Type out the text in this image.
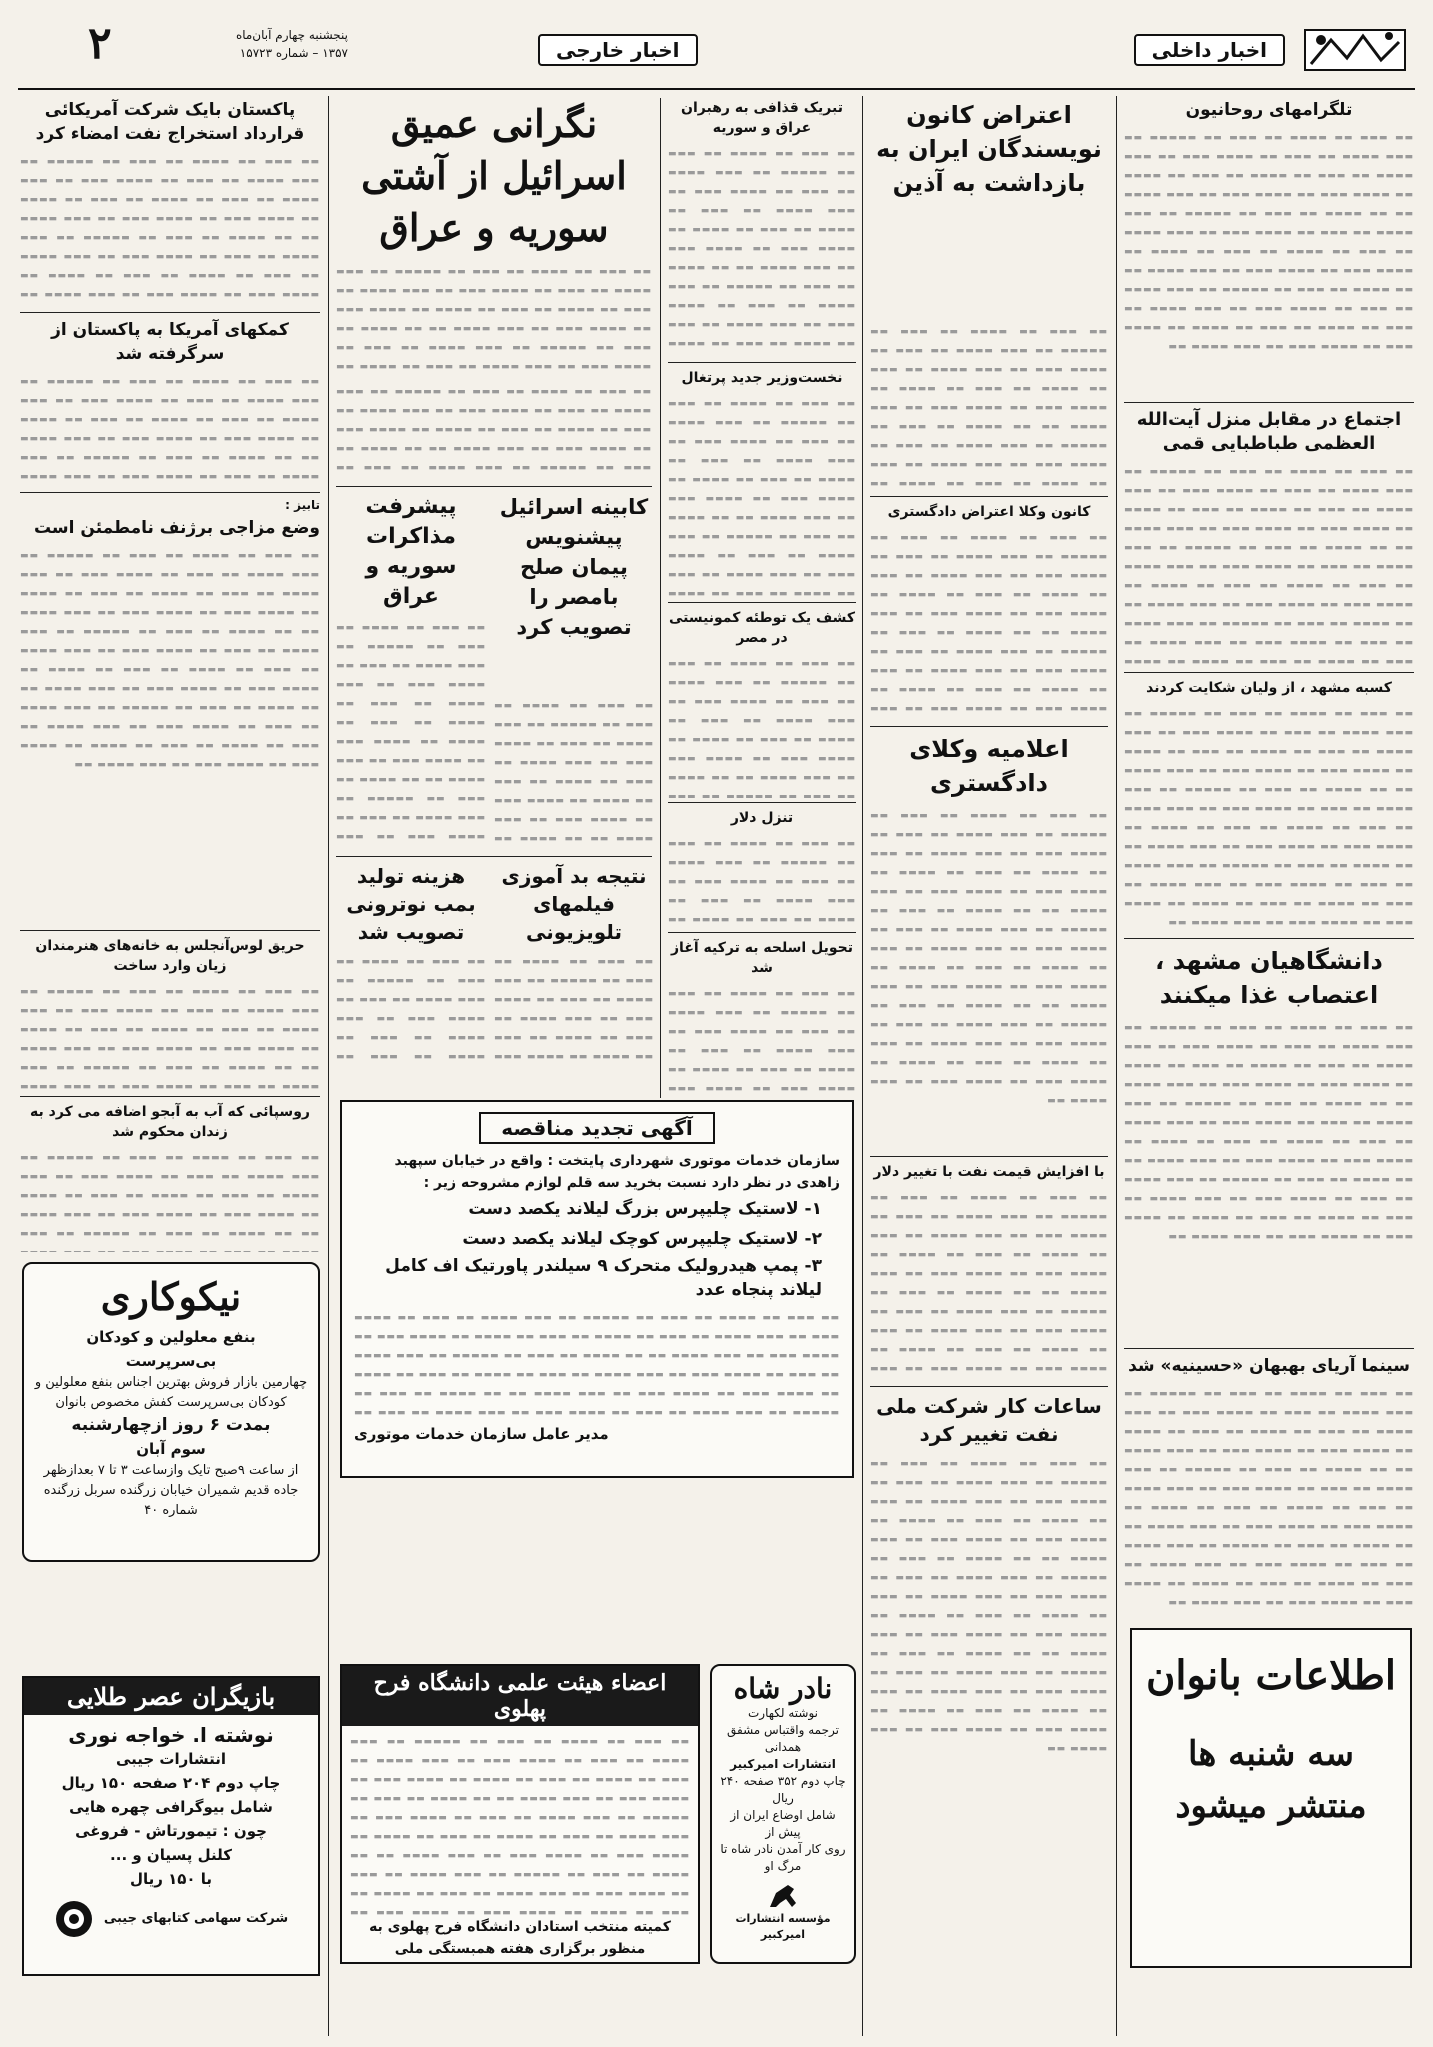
۲	پنجشنبه چهارم آبان‌ماه
۱۳۵۷ – شماره ۱۵۷۲۳	اخبار خارجی	اخبار داخلی
پاکستان بایک شرکت آمریکائی قرارداد استخراج نفت امضاء کرد
▬▬ ▬▬▬ ▬▬ ▬▬▬▬ ▬▬ ▬▬▬ ▬▬ ▬▬▬▬▬ ▬▬ ▬▬▬ ▬▬▬▬ ▬▬ ▬▬▬ ▬▬ ▬▬▬▬ ▬▬▬ ▬▬ ▬▬▬ ▬▬▬▬ ▬▬ ▬▬▬ ▬▬ ▬▬▬▬ ▬▬ ▬▬▬ ▬▬ ▬▬▬▬ ▬▬ ▬▬▬▬ ▬▬▬ ▬▬ ▬▬▬▬ ▬▬▬ ▬▬ ▬▬▬ ▬▬▬▬ ▬▬ ▬▬ ▬▬▬▬ ▬▬ ▬▬▬ ▬▬ ▬▬▬▬▬ ▬▬ ▬▬▬ ▬▬▬▬ ▬▬ ▬▬▬ ▬▬ ▬▬▬▬ ▬▬▬ ▬▬ ▬▬▬ ▬▬▬▬ ▬▬ ▬▬▬ ▬▬ ▬▬▬▬ ▬▬ ▬▬▬ ▬▬ ▬▬▬▬ ▬▬ ▬▬▬▬ ▬▬▬ ▬▬ ▬▬▬▬ ▬▬▬ ▬▬ ▬▬▬ ▬▬▬▬ ▬▬ ▬▬ ▬▬▬▬ ▬▬ ▬▬▬ ▬▬ ▬▬▬▬▬ ▬▬ ▬▬▬ ▬▬▬▬ ▬▬ ▬▬▬ ▬▬ ▬▬▬▬ ▬▬▬ ▬▬ ▬▬▬ ▬▬▬▬ ▬▬ ▬▬▬ ▬▬ ▬▬▬▬ ▬▬ ▬▬▬ ▬▬ ▬▬▬▬ ▬▬ ▬▬▬▬ ▬▬▬ ▬▬ ▬▬▬▬ ▬▬▬ ▬▬ ▬▬▬ ▬▬▬▬ ▬▬
کمکهای آمریکا به پاکستان از سرگرفته شد
▬▬ ▬▬▬ ▬▬ ▬▬▬▬ ▬▬ ▬▬▬ ▬▬ ▬▬▬▬▬ ▬▬ ▬▬▬ ▬▬▬▬ ▬▬ ▬▬▬ ▬▬ ▬▬▬▬ ▬▬▬ ▬▬ ▬▬▬ ▬▬▬▬ ▬▬ ▬▬▬ ▬▬ ▬▬▬▬ ▬▬ ▬▬▬ ▬▬ ▬▬▬▬ ▬▬ ▬▬▬▬ ▬▬▬ ▬▬ ▬▬▬▬ ▬▬▬ ▬▬ ▬▬▬ ▬▬▬▬ ▬▬ ▬▬ ▬▬▬▬ ▬▬ ▬▬▬ ▬▬ ▬▬▬▬▬ ▬▬ ▬▬▬ ▬▬▬▬ ▬▬ ▬▬▬ ▬▬ ▬▬▬▬ ▬▬▬ ▬▬ ▬▬▬ ▬▬▬▬ ▬▬ ▬▬▬ ▬▬ ▬▬▬▬ ▬▬ ▬▬▬ ▬▬ ▬▬▬▬ ▬▬ ▬▬▬▬ ▬▬▬ ▬▬ ▬▬▬▬ ▬▬▬ ▬▬ ▬▬▬ ▬▬▬▬ ▬▬ ▬▬ ▬▬▬▬ ▬▬ ▬▬▬ ▬▬ ▬▬▬▬▬ ▬▬ ▬▬▬ ▬▬▬▬ ▬▬ ▬▬▬ ▬▬ ▬▬▬▬ ▬▬▬ ▬▬ ▬▬▬ ▬▬▬▬ ▬▬ ▬▬▬ ▬▬ ▬▬▬▬ ▬▬ ▬▬▬ ▬▬ ▬▬▬▬ ▬▬ ▬▬▬▬ ▬▬▬ ▬▬ ▬▬▬▬ ▬▬▬ ▬▬ ▬▬▬ ▬▬▬▬ ▬▬
تابیز :
وضع مزاجی برژنف نامطمئن است
▬▬ ▬▬▬ ▬▬ ▬▬▬▬ ▬▬ ▬▬▬ ▬▬ ▬▬▬▬▬ ▬▬ ▬▬▬ ▬▬▬▬ ▬▬ ▬▬▬ ▬▬ ▬▬▬▬ ▬▬▬ ▬▬ ▬▬▬ ▬▬▬▬ ▬▬ ▬▬▬ ▬▬ ▬▬▬▬ ▬▬ ▬▬▬ ▬▬ ▬▬▬▬ ▬▬ ▬▬▬▬ ▬▬▬ ▬▬ ▬▬▬▬ ▬▬▬ ▬▬ ▬▬▬ ▬▬▬▬ ▬▬ ▬▬ ▬▬▬▬ ▬▬ ▬▬▬ ▬▬ ▬▬▬▬▬ ▬▬ ▬▬▬ ▬▬▬▬ ▬▬ ▬▬▬ ▬▬ ▬▬▬▬ ▬▬▬ ▬▬ ▬▬▬ ▬▬▬▬ ▬▬ ▬▬▬ ▬▬ ▬▬▬▬ ▬▬ ▬▬▬ ▬▬ ▬▬▬▬ ▬▬ ▬▬▬▬ ▬▬▬ ▬▬ ▬▬▬▬ ▬▬▬ ▬▬ ▬▬▬ ▬▬▬▬ ▬▬ ▬▬ ▬▬▬▬ ▬▬ ▬▬▬ ▬▬ ▬▬▬▬▬ ▬▬ ▬▬▬ ▬▬▬▬ ▬▬ ▬▬▬ ▬▬ ▬▬▬▬ ▬▬▬ ▬▬ ▬▬▬ ▬▬▬▬ ▬▬ ▬▬▬ ▬▬ ▬▬▬▬ ▬▬ ▬▬▬ ▬▬ ▬▬▬▬ ▬▬ ▬▬▬▬ ▬▬▬ ▬▬ ▬▬▬▬ ▬▬▬ ▬▬ ▬▬▬ ▬▬▬▬ ▬▬
حریق لوس‌آنجلس به خانه‌های هنرمندان زیان وارد ساخت
▬▬ ▬▬▬ ▬▬ ▬▬▬▬ ▬▬ ▬▬▬ ▬▬ ▬▬▬▬▬ ▬▬ ▬▬▬ ▬▬▬▬ ▬▬ ▬▬▬ ▬▬ ▬▬▬▬ ▬▬▬ ▬▬ ▬▬▬ ▬▬▬▬ ▬▬ ▬▬▬ ▬▬ ▬▬▬▬ ▬▬ ▬▬▬ ▬▬ ▬▬▬▬ ▬▬ ▬▬▬▬ ▬▬▬ ▬▬ ▬▬▬▬ ▬▬▬ ▬▬ ▬▬▬ ▬▬▬▬ ▬▬ ▬▬ ▬▬▬▬ ▬▬ ▬▬▬ ▬▬ ▬▬▬▬▬ ▬▬ ▬▬▬ ▬▬▬▬ ▬▬ ▬▬▬ ▬▬ ▬▬▬▬ ▬▬▬ ▬▬ ▬▬▬ ▬▬▬▬ ▬▬ ▬▬▬ ▬▬ ▬▬▬▬ ▬▬ ▬▬▬ ▬▬ ▬▬▬▬ ▬▬ ▬▬▬▬ ▬▬▬ ▬▬ ▬▬▬▬ ▬▬▬ ▬▬ ▬▬▬ ▬▬▬▬ ▬▬ ▬▬ ▬▬▬▬ ▬▬ ▬▬▬ ▬▬ ▬▬▬▬▬ ▬▬ ▬▬▬ ▬▬▬▬ ▬▬ ▬▬▬ ▬▬ ▬▬▬▬ ▬▬▬ ▬▬ ▬▬▬ ▬▬▬▬ ▬▬ ▬▬▬ ▬▬ ▬▬▬▬ ▬▬ ▬▬▬ ▬▬ ▬▬▬▬ ▬▬ ▬▬▬▬ ▬▬▬ ▬▬ ▬▬▬▬ ▬▬▬ ▬▬ ▬▬▬ ▬▬▬▬ ▬▬
روسپائی که آب به آبجو اضافه می کرد به زندان محکوم شد
▬▬ ▬▬▬ ▬▬ ▬▬▬▬ ▬▬ ▬▬▬ ▬▬ ▬▬▬▬▬ ▬▬ ▬▬▬ ▬▬▬▬ ▬▬ ▬▬▬ ▬▬ ▬▬▬▬ ▬▬▬ ▬▬ ▬▬▬ ▬▬▬▬ ▬▬ ▬▬▬ ▬▬ ▬▬▬▬ ▬▬ ▬▬▬ ▬▬ ▬▬▬▬ ▬▬ ▬▬▬▬ ▬▬▬ ▬▬ ▬▬▬▬ ▬▬▬ ▬▬ ▬▬▬ ▬▬▬▬ ▬▬ ▬▬ ▬▬▬▬ ▬▬ ▬▬▬ ▬▬ ▬▬▬▬▬ ▬▬ ▬▬▬ ▬▬▬▬ ▬▬ ▬▬▬ ▬▬ ▬▬▬▬ ▬▬▬ ▬▬ ▬▬▬ ▬▬▬▬ ▬▬ ▬▬▬ ▬▬ ▬▬▬▬ ▬▬ ▬▬▬ ▬▬ ▬▬▬▬ ▬▬ ▬▬▬▬ ▬▬▬ ▬▬ ▬▬▬▬ ▬▬▬ ▬▬ ▬▬▬ ▬▬▬▬ ▬▬ ▬▬ ▬▬▬▬ ▬▬ ▬▬▬ ▬▬ ▬▬▬▬▬ ▬▬ ▬▬▬ ▬▬▬▬ ▬▬ ▬▬▬ ▬▬ ▬▬▬▬ ▬▬▬ ▬▬ ▬▬▬ ▬▬▬▬ ▬▬ ▬▬▬ ▬▬ ▬▬▬▬ ▬▬ ▬▬▬ ▬▬ ▬▬▬▬ ▬▬ ▬▬▬▬ ▬▬▬ ▬▬ ▬▬▬▬ ▬▬▬ ▬▬ ▬▬▬ ▬▬▬▬ ▬▬
نیکوکاری
بنفع معلولین و کودکان
بی‌سرپرست
چهارمین بازار فروش بهترین اجناس بنفع معلولین و کودکان بی‌سرپرست کفش مخصوص بانوان
بمدت ۶ روز ازچهارشنبه
سوم آبان
از ساعت ۹صبح تایک وازساعت ۳ تا ۷ بعدازظهر
جاده قدیم شمیران خیابان زرگنده سربل زرگنده شماره ۴۰
بازیگران عصر طلایی
نوشته ا. خواجه نوری
انتشارات جیبی
چاپ دوم ۲۰۴ صفحه ۱۵۰ ریال
شامل بیوگرافی چهره هایی
چون : تیمورتاش - فروغی
کلنل پسیان و ...
با ۱۵۰ ریال
شرکت سهامی کتابهای جیبی
نگرانی عمیق اسرائیل از آشتی سوریه و عراق
▬▬ ▬▬▬ ▬▬ ▬▬▬▬ ▬▬ ▬▬▬ ▬▬ ▬▬▬▬▬ ▬▬ ▬▬▬ ▬▬▬▬ ▬▬ ▬▬▬ ▬▬ ▬▬▬▬ ▬▬▬ ▬▬ ▬▬▬ ▬▬▬▬ ▬▬ ▬▬▬ ▬▬ ▬▬▬▬ ▬▬ ▬▬▬ ▬▬ ▬▬▬▬ ▬▬ ▬▬▬▬ ▬▬▬ ▬▬ ▬▬▬▬ ▬▬▬ ▬▬ ▬▬▬ ▬▬▬▬ ▬▬ ▬▬ ▬▬▬▬ ▬▬ ▬▬▬ ▬▬ ▬▬▬▬▬ ▬▬ ▬▬▬ ▬▬▬▬ ▬▬ ▬▬▬ ▬▬ ▬▬▬▬ ▬▬▬ ▬▬ ▬▬▬ ▬▬▬▬ ▬▬ ▬▬▬ ▬▬ ▬▬▬▬ ▬▬ ▬▬▬ ▬▬ ▬▬▬▬ ▬▬ ▬▬▬▬ ▬▬▬ ▬▬ ▬▬▬▬ ▬▬▬ ▬▬ ▬▬▬ ▬▬▬▬ ▬▬ ▬▬ ▬▬▬▬ ▬▬ ▬▬▬ ▬▬ ▬▬▬▬▬ ▬▬ ▬▬▬ ▬▬▬▬ ▬▬ ▬▬▬ ▬▬ ▬▬▬▬ ▬▬▬ ▬▬ ▬▬▬ ▬▬▬▬ ▬▬ ▬▬▬ ▬▬ ▬▬▬▬ ▬▬ ▬▬▬ ▬▬ ▬▬▬▬ ▬▬ ▬▬▬▬ ▬▬▬ ▬▬ ▬▬▬▬ ▬▬▬ ▬▬ ▬▬▬ ▬▬▬▬ ▬▬
تبریک قذافی به رهبران عراق و سوریه
▬▬ ▬▬▬ ▬▬ ▬▬▬▬ ▬▬ ▬▬▬ ▬▬ ▬▬▬▬▬ ▬▬ ▬▬▬ ▬▬▬▬ ▬▬ ▬▬▬ ▬▬ ▬▬▬▬ ▬▬▬ ▬▬ ▬▬▬ ▬▬▬▬ ▬▬ ▬▬▬ ▬▬ ▬▬▬▬ ▬▬ ▬▬▬ ▬▬ ▬▬▬▬ ▬▬ ▬▬▬▬ ▬▬▬ ▬▬ ▬▬▬▬ ▬▬▬ ▬▬ ▬▬▬ ▬▬▬▬ ▬▬ ▬▬ ▬▬▬▬ ▬▬ ▬▬▬ ▬▬ ▬▬▬▬▬ ▬▬ ▬▬▬ ▬▬▬▬ ▬▬ ▬▬▬ ▬▬ ▬▬▬▬ ▬▬▬ ▬▬ ▬▬▬ ▬▬▬▬ ▬▬ ▬▬▬ ▬▬ ▬▬▬▬ ▬▬ ▬▬▬ ▬▬ ▬▬▬▬ ▬▬ ▬▬▬▬ ▬▬▬ ▬▬ ▬▬▬▬ ▬▬▬ ▬▬ ▬▬▬ ▬▬▬▬ ▬▬ ▬▬ ▬▬▬▬ ▬▬ ▬▬▬ ▬▬ ▬▬▬▬▬ ▬▬ ▬▬▬ ▬▬▬▬ ▬▬ ▬▬▬ ▬▬ ▬▬▬▬ ▬▬▬ ▬▬ ▬▬▬ ▬▬▬▬ ▬▬ ▬▬▬ ▬▬ ▬▬▬▬ ▬▬ ▬▬▬ ▬▬ ▬▬▬▬ ▬▬ ▬▬▬▬ ▬▬▬ ▬▬ ▬▬▬▬ ▬▬▬ ▬▬ ▬▬▬ ▬▬▬▬ ▬▬
نخست‌وزیر جدید پرتغال
▬▬ ▬▬▬ ▬▬ ▬▬▬▬ ▬▬ ▬▬▬ ▬▬ ▬▬▬▬▬ ▬▬ ▬▬▬ ▬▬▬▬ ▬▬ ▬▬▬ ▬▬ ▬▬▬▬ ▬▬▬ ▬▬ ▬▬▬ ▬▬▬▬ ▬▬ ▬▬▬ ▬▬ ▬▬▬▬ ▬▬ ▬▬▬ ▬▬ ▬▬▬▬ ▬▬ ▬▬▬▬ ▬▬▬ ▬▬ ▬▬▬▬ ▬▬▬ ▬▬ ▬▬▬ ▬▬▬▬ ▬▬ ▬▬ ▬▬▬▬ ▬▬ ▬▬▬ ▬▬ ▬▬▬▬▬ ▬▬ ▬▬▬ ▬▬▬▬ ▬▬ ▬▬▬ ▬▬ ▬▬▬▬ ▬▬▬ ▬▬ ▬▬▬ ▬▬▬▬ ▬▬ ▬▬▬ ▬▬ ▬▬▬▬ ▬▬ ▬▬▬ ▬▬ ▬▬▬▬ ▬▬ ▬▬▬▬ ▬▬▬ ▬▬ ▬▬▬▬ ▬▬▬ ▬▬ ▬▬▬ ▬▬▬▬ ▬▬ ▬▬ ▬▬▬▬ ▬▬ ▬▬▬ ▬▬ ▬▬▬▬▬ ▬▬ ▬▬▬ ▬▬▬▬ ▬▬ ▬▬▬ ▬▬ ▬▬▬▬ ▬▬▬ ▬▬ ▬▬▬ ▬▬▬▬ ▬▬ ▬▬▬ ▬▬ ▬▬▬▬ ▬▬ ▬▬▬ ▬▬ ▬▬▬▬ ▬▬ ▬▬▬▬ ▬▬▬ ▬▬ ▬▬▬▬ ▬▬▬ ▬▬ ▬▬▬ ▬▬▬▬ ▬▬
کشف یک توطئه کمونیستی در مصر
▬▬ ▬▬▬ ▬▬ ▬▬▬▬ ▬▬ ▬▬▬ ▬▬ ▬▬▬▬▬ ▬▬ ▬▬▬ ▬▬▬▬ ▬▬ ▬▬▬ ▬▬ ▬▬▬▬ ▬▬▬ ▬▬ ▬▬▬ ▬▬▬▬ ▬▬ ▬▬▬ ▬▬ ▬▬▬▬ ▬▬ ▬▬▬ ▬▬ ▬▬▬▬ ▬▬ ▬▬▬▬ ▬▬▬ ▬▬ ▬▬▬▬ ▬▬▬ ▬▬ ▬▬▬ ▬▬▬▬ ▬▬ ▬▬ ▬▬▬▬ ▬▬ ▬▬▬ ▬▬ ▬▬▬▬▬ ▬▬ ▬▬▬ ▬▬▬▬ ▬▬ ▬▬▬ ▬▬ ▬▬▬▬ ▬▬▬ ▬▬ ▬▬▬ ▬▬▬▬ ▬▬ ▬▬▬ ▬▬ ▬▬▬▬ ▬▬ ▬▬▬ ▬▬ ▬▬▬▬ ▬▬ ▬▬▬▬ ▬▬▬ ▬▬ ▬▬▬▬ ▬▬▬ ▬▬ ▬▬▬ ▬▬▬▬ ▬▬ ▬▬ ▬▬▬▬ ▬▬ ▬▬▬ ▬▬ ▬▬▬▬▬ ▬▬ ▬▬▬ ▬▬▬▬ ▬▬ ▬▬▬ ▬▬ ▬▬▬▬ ▬▬▬ ▬▬ ▬▬▬ ▬▬▬▬ ▬▬ ▬▬▬ ▬▬ ▬▬▬▬ ▬▬ ▬▬▬ ▬▬ ▬▬▬▬ ▬▬ ▬▬▬▬ ▬▬▬ ▬▬ ▬▬▬▬ ▬▬▬ ▬▬ ▬▬▬ ▬▬▬▬ ▬▬
تنزل دلار
▬▬ ▬▬▬ ▬▬ ▬▬▬▬ ▬▬ ▬▬▬ ▬▬ ▬▬▬▬▬ ▬▬ ▬▬▬ ▬▬▬▬ ▬▬ ▬▬▬ ▬▬ ▬▬▬▬ ▬▬▬ ▬▬ ▬▬▬ ▬▬▬▬ ▬▬ ▬▬▬ ▬▬ ▬▬▬▬ ▬▬ ▬▬▬ ▬▬ ▬▬▬▬ ▬▬ ▬▬▬▬ ▬▬▬ ▬▬ ▬▬▬▬ ▬▬▬ ▬▬ ▬▬▬ ▬▬▬▬ ▬▬ ▬▬ ▬▬▬▬ ▬▬ ▬▬▬ ▬▬ ▬▬▬▬▬ ▬▬ ▬▬▬ ▬▬▬▬ ▬▬ ▬▬▬ ▬▬ ▬▬▬▬ ▬▬▬ ▬▬ ▬▬▬ ▬▬▬▬ ▬▬ ▬▬▬ ▬▬ ▬▬▬▬ ▬▬ ▬▬▬ ▬▬ ▬▬▬▬ ▬▬ ▬▬▬▬ ▬▬▬ ▬▬ ▬▬▬▬ ▬▬▬ ▬▬ ▬▬▬ ▬▬▬▬ ▬▬ ▬▬ ▬▬▬▬ ▬▬ ▬▬▬ ▬▬ ▬▬▬▬▬ ▬▬ ▬▬▬ ▬▬▬▬ ▬▬ ▬▬▬ ▬▬ ▬▬▬▬ ▬▬▬ ▬▬ ▬▬▬ ▬▬▬▬ ▬▬ ▬▬▬ ▬▬ ▬▬▬▬ ▬▬ ▬▬▬ ▬▬ ▬▬▬▬ ▬▬ ▬▬▬▬ ▬▬▬ ▬▬ ▬▬▬▬ ▬▬▬ ▬▬ ▬▬▬ ▬▬▬▬ ▬▬
تحویل اسلحه به ترکیه آغاز شد
▬▬ ▬▬▬ ▬▬ ▬▬▬▬ ▬▬ ▬▬▬ ▬▬ ▬▬▬▬▬ ▬▬ ▬▬▬ ▬▬▬▬ ▬▬ ▬▬▬ ▬▬ ▬▬▬▬ ▬▬▬ ▬▬ ▬▬▬ ▬▬▬▬ ▬▬ ▬▬▬ ▬▬ ▬▬▬▬ ▬▬ ▬▬▬ ▬▬ ▬▬▬▬ ▬▬ ▬▬▬▬ ▬▬▬ ▬▬ ▬▬▬▬ ▬▬▬ ▬▬ ▬▬▬ ▬▬▬▬ ▬▬ ▬▬ ▬▬▬▬ ▬▬ ▬▬▬ ▬▬ ▬▬▬▬▬ ▬▬ ▬▬▬ ▬▬▬▬ ▬▬ ▬▬▬ ▬▬ ▬▬▬▬ ▬▬▬ ▬▬ ▬▬▬ ▬▬▬▬ ▬▬ ▬▬▬ ▬▬ ▬▬▬▬ ▬▬ ▬▬▬ ▬▬ ▬▬▬▬ ▬▬ ▬▬▬▬ ▬▬▬ ▬▬ ▬▬▬▬ ▬▬▬ ▬▬ ▬▬▬ ▬▬▬▬ ▬▬ ▬▬ ▬▬▬▬ ▬▬ ▬▬▬ ▬▬ ▬▬▬▬▬ ▬▬ ▬▬▬ ▬▬▬▬ ▬▬ ▬▬▬ ▬▬ ▬▬▬▬ ▬▬▬ ▬▬ ▬▬▬ ▬▬▬▬ ▬▬ ▬▬▬ ▬▬ ▬▬▬▬ ▬▬ ▬▬▬ ▬▬ ▬▬▬▬ ▬▬ ▬▬▬▬ ▬▬▬ ▬▬ ▬▬▬▬ ▬▬▬ ▬▬ ▬▬▬ ▬▬▬▬ ▬▬
▬▬ ▬▬▬ ▬▬ ▬▬▬▬ ▬▬ ▬▬▬ ▬▬ ▬▬▬▬▬ ▬▬ ▬▬▬ ▬▬▬▬ ▬▬ ▬▬▬ ▬▬ ▬▬▬▬ ▬▬▬ ▬▬ ▬▬▬ ▬▬▬▬ ▬▬ ▬▬▬ ▬▬ ▬▬▬▬ ▬▬ ▬▬▬ ▬▬ ▬▬▬▬ ▬▬ ▬▬▬▬ ▬▬▬ ▬▬ ▬▬▬▬ ▬▬▬ ▬▬ ▬▬▬ ▬▬▬▬ ▬▬ ▬▬ ▬▬▬▬ ▬▬ ▬▬▬ ▬▬ ▬▬▬▬▬ ▬▬ ▬▬▬ ▬▬▬▬ ▬▬ ▬▬▬ ▬▬ ▬▬▬▬ ▬▬▬ ▬▬ ▬▬▬ ▬▬▬▬ ▬▬ ▬▬▬ ▬▬ ▬▬▬▬ ▬▬ ▬▬▬ ▬▬ ▬▬▬▬ ▬▬ ▬▬▬▬ ▬▬▬ ▬▬ ▬▬▬▬ ▬▬▬ ▬▬ ▬▬▬ ▬▬▬▬ ▬▬ ▬▬ ▬▬▬▬ ▬▬ ▬▬▬ ▬▬ ▬▬▬▬▬ ▬▬ ▬▬▬ ▬▬▬▬ ▬▬ ▬▬▬ ▬▬ ▬▬▬▬ ▬▬▬ ▬▬ ▬▬▬ ▬▬▬▬ ▬▬ ▬▬▬ ▬▬ ▬▬▬▬ ▬▬ ▬▬▬ ▬▬ ▬▬▬▬ ▬▬ ▬▬▬▬ ▬▬▬ ▬▬ ▬▬▬▬ ▬▬▬ ▬▬ ▬▬▬ ▬▬▬▬ ▬▬
پیشرفت مذاکرات سوریه و عراق
▬▬ ▬▬▬ ▬▬ ▬▬▬▬ ▬▬ ▬▬▬ ▬▬ ▬▬▬▬▬ ▬▬ ▬▬▬ ▬▬▬▬ ▬▬ ▬▬▬ ▬▬ ▬▬▬▬ ▬▬▬ ▬▬ ▬▬▬ ▬▬▬▬ ▬▬ ▬▬▬ ▬▬ ▬▬▬▬ ▬▬ ▬▬▬ ▬▬ ▬▬▬▬ ▬▬ ▬▬▬▬ ▬▬▬ ▬▬ ▬▬▬▬ ▬▬▬ ▬▬ ▬▬▬ ▬▬▬▬ ▬▬ ▬▬ ▬▬▬▬ ▬▬ ▬▬▬ ▬▬ ▬▬▬▬▬ ▬▬ ▬▬▬ ▬▬▬▬ ▬▬ ▬▬▬ ▬▬ ▬▬▬▬ ▬▬▬ ▬▬ ▬▬▬ ▬▬▬▬ ▬▬ ▬▬▬ ▬▬ ▬▬▬▬ ▬▬ ▬▬▬ ▬▬ ▬▬▬▬ ▬▬ ▬▬▬▬ ▬▬▬ ▬▬ ▬▬▬▬ ▬▬▬ ▬▬ ▬▬▬ ▬▬▬▬ ▬▬ ▬▬ ▬▬▬▬ ▬▬ ▬▬▬ ▬▬ ▬▬▬▬▬ ▬▬ ▬▬▬ ▬▬▬▬ ▬▬ ▬▬▬ ▬▬ ▬▬▬▬ ▬▬▬ ▬▬ ▬▬▬ ▬▬▬▬ ▬▬ ▬▬▬ ▬▬ ▬▬▬▬ ▬▬ ▬▬▬ ▬▬ ▬▬▬▬ ▬▬ ▬▬▬▬ ▬▬▬ ▬▬ ▬▬▬▬ ▬▬▬ ▬▬ ▬▬▬ ▬▬▬▬ ▬▬
کابینه اسرائیل پیشنویس پیمان صلح بامصر را تصویب کرد
▬▬ ▬▬▬ ▬▬ ▬▬▬▬ ▬▬ ▬▬▬ ▬▬ ▬▬▬▬▬ ▬▬ ▬▬▬ ▬▬▬▬ ▬▬ ▬▬▬ ▬▬ ▬▬▬▬ ▬▬▬ ▬▬ ▬▬▬ ▬▬▬▬ ▬▬ ▬▬▬ ▬▬ ▬▬▬▬ ▬▬ ▬▬▬ ▬▬ ▬▬▬▬ ▬▬ ▬▬▬▬ ▬▬▬ ▬▬ ▬▬▬▬ ▬▬▬ ▬▬ ▬▬▬ ▬▬▬▬ ▬▬ ▬▬ ▬▬▬▬ ▬▬ ▬▬▬ ▬▬ ▬▬▬▬▬ ▬▬ ▬▬▬ ▬▬▬▬ ▬▬ ▬▬▬ ▬▬ ▬▬▬▬ ▬▬▬ ▬▬ ▬▬▬ ▬▬▬▬ ▬▬ ▬▬▬ ▬▬ ▬▬▬▬ ▬▬ ▬▬▬ ▬▬ ▬▬▬▬ ▬▬ ▬▬▬▬ ▬▬▬ ▬▬ ▬▬▬▬ ▬▬▬ ▬▬ ▬▬▬ ▬▬▬▬ ▬▬ ▬▬ ▬▬▬▬ ▬▬ ▬▬▬ ▬▬ ▬▬▬▬▬ ▬▬ ▬▬▬ ▬▬▬▬ ▬▬ ▬▬▬ ▬▬ ▬▬▬▬ ▬▬▬ ▬▬ ▬▬▬ ▬▬▬▬ ▬▬ ▬▬▬ ▬▬ ▬▬▬▬ ▬▬ ▬▬▬ ▬▬ ▬▬▬▬ ▬▬ ▬▬▬▬ ▬▬▬ ▬▬ ▬▬▬▬ ▬▬▬ ▬▬ ▬▬▬ ▬▬▬▬ ▬▬
هزینه تولید بمب نوترونی تصویب شد
▬▬ ▬▬▬ ▬▬ ▬▬▬▬ ▬▬ ▬▬▬ ▬▬ ▬▬▬▬▬ ▬▬ ▬▬▬ ▬▬▬▬ ▬▬ ▬▬▬ ▬▬ ▬▬▬▬ ▬▬▬ ▬▬ ▬▬▬ ▬▬▬▬ ▬▬ ▬▬▬ ▬▬ ▬▬▬▬ ▬▬ ▬▬▬ ▬▬ ▬▬▬▬ ▬▬ ▬▬▬▬ ▬▬▬ ▬▬ ▬▬▬▬ ▬▬▬ ▬▬ ▬▬▬ ▬▬▬▬ ▬▬ ▬▬ ▬▬▬▬ ▬▬ ▬▬▬ ▬▬ ▬▬▬▬▬ ▬▬ ▬▬▬ ▬▬▬▬ ▬▬ ▬▬▬ ▬▬ ▬▬▬▬ ▬▬▬ ▬▬ ▬▬▬ ▬▬▬▬ ▬▬ ▬▬▬ ▬▬ ▬▬▬▬ ▬▬ ▬▬▬ ▬▬ ▬▬▬▬ ▬▬ ▬▬▬▬ ▬▬▬ ▬▬ ▬▬▬▬ ▬▬▬ ▬▬ ▬▬▬ ▬▬▬▬ ▬▬ ▬▬ ▬▬▬▬ ▬▬ ▬▬▬ ▬▬ ▬▬▬▬▬ ▬▬ ▬▬▬ ▬▬▬▬ ▬▬ ▬▬▬ ▬▬ ▬▬▬▬ ▬▬▬ ▬▬ ▬▬▬ ▬▬▬▬ ▬▬ ▬▬▬ ▬▬ ▬▬▬▬ ▬▬ ▬▬▬ ▬▬ ▬▬▬▬ ▬▬ ▬▬▬▬ ▬▬▬ ▬▬ ▬▬▬▬ ▬▬▬ ▬▬ ▬▬▬ ▬▬▬▬ ▬▬
نتیجه بد آموزی فیلمهای تلویزیونی
▬▬ ▬▬▬ ▬▬ ▬▬▬▬ ▬▬ ▬▬▬ ▬▬ ▬▬▬▬▬ ▬▬ ▬▬▬ ▬▬▬▬ ▬▬ ▬▬▬ ▬▬ ▬▬▬▬ ▬▬▬ ▬▬ ▬▬▬ ▬▬▬▬ ▬▬ ▬▬▬ ▬▬ ▬▬▬▬ ▬▬ ▬▬▬ ▬▬ ▬▬▬▬ ▬▬ ▬▬▬▬ ▬▬▬ ▬▬ ▬▬▬▬ ▬▬▬ ▬▬ ▬▬▬ ▬▬▬▬ ▬▬ ▬▬ ▬▬▬▬ ▬▬ ▬▬▬ ▬▬ ▬▬▬▬▬ ▬▬ ▬▬▬ ▬▬▬▬ ▬▬ ▬▬▬ ▬▬ ▬▬▬▬ ▬▬▬ ▬▬ ▬▬▬ ▬▬▬▬ ▬▬ ▬▬▬ ▬▬ ▬▬▬▬ ▬▬ ▬▬▬ ▬▬ ▬▬▬▬ ▬▬ ▬▬▬▬ ▬▬▬ ▬▬ ▬▬▬▬ ▬▬▬ ▬▬ ▬▬▬ ▬▬▬▬ ▬▬ ▬▬ ▬▬▬▬ ▬▬ ▬▬▬ ▬▬ ▬▬▬▬▬ ▬▬ ▬▬▬ ▬▬▬▬ ▬▬ ▬▬▬ ▬▬ ▬▬▬▬ ▬▬▬ ▬▬ ▬▬▬ ▬▬▬▬ ▬▬ ▬▬▬ ▬▬ ▬▬▬▬ ▬▬ ▬▬▬ ▬▬ ▬▬▬▬ ▬▬ ▬▬▬▬ ▬▬▬ ▬▬ ▬▬▬▬ ▬▬▬ ▬▬ ▬▬▬ ▬▬▬▬ ▬▬
آگهی تجدید مناقصه
سازمان خدمات موتوری شهرداری پایتخت : واقع در خیابان سپهبد زاهدی در نظر دارد نسبت بخرید سه قلم لوازم مشروحه زیر :
۱- لاستیک چلیپرس بزرگ لیلاند یکصد دست
۲- لاستیک چلیپرس کوچک لیلاند یکصد دست
۳- پمپ هیدرولیک متحرک ۹ سیلندر پاورتیک اف کامل لیلاند پنجاه عدد
▬▬ ▬▬▬ ▬▬ ▬▬▬▬ ▬▬ ▬▬▬ ▬▬ ▬▬▬▬▬ ▬▬ ▬▬▬ ▬▬▬▬ ▬▬ ▬▬▬ ▬▬ ▬▬▬▬ ▬▬▬ ▬▬ ▬▬▬ ▬▬▬▬ ▬▬ ▬▬▬ ▬▬ ▬▬▬▬ ▬▬ ▬▬▬ ▬▬ ▬▬▬▬ ▬▬ ▬▬▬▬ ▬▬▬ ▬▬ ▬▬▬▬ ▬▬▬ ▬▬ ▬▬▬ ▬▬▬▬ ▬▬ ▬▬ ▬▬▬▬ ▬▬ ▬▬▬ ▬▬ ▬▬▬▬▬ ▬▬ ▬▬▬ ▬▬▬▬ ▬▬ ▬▬▬ ▬▬ ▬▬▬▬ ▬▬▬ ▬▬ ▬▬▬ ▬▬▬▬ ▬▬ ▬▬▬ ▬▬ ▬▬▬▬ ▬▬ ▬▬▬ ▬▬ ▬▬▬▬ ▬▬ ▬▬▬▬ ▬▬▬ ▬▬ ▬▬▬▬ ▬▬▬ ▬▬ ▬▬▬ ▬▬▬▬ ▬▬ ▬▬ ▬▬▬▬ ▬▬ ▬▬▬ ▬▬ ▬▬▬▬▬ ▬▬ ▬▬▬ ▬▬▬▬ ▬▬ ▬▬▬ ▬▬ ▬▬▬▬ ▬▬▬ ▬▬ ▬▬▬ ▬▬▬▬ ▬▬ ▬▬▬ ▬▬ ▬▬▬▬ ▬▬ ▬▬▬ ▬▬ ▬▬▬▬ ▬▬ ▬▬▬▬ ▬▬▬ ▬▬ ▬▬▬▬ ▬▬▬ ▬▬ ▬▬▬ ▬▬▬▬ ▬▬
مدیر عامل سازمان خدمات موتوری
اعضاء هیئت علمی دانشگاه فرح پهلوی
▬▬ ▬▬▬ ▬▬ ▬▬▬▬ ▬▬ ▬▬▬ ▬▬ ▬▬▬▬▬ ▬▬ ▬▬▬ ▬▬▬▬ ▬▬ ▬▬▬ ▬▬ ▬▬▬▬ ▬▬▬ ▬▬ ▬▬▬ ▬▬▬▬ ▬▬ ▬▬▬ ▬▬ ▬▬▬▬ ▬▬ ▬▬▬ ▬▬ ▬▬▬▬ ▬▬ ▬▬▬▬ ▬▬▬ ▬▬ ▬▬▬▬ ▬▬▬ ▬▬ ▬▬▬ ▬▬▬▬ ▬▬ ▬▬ ▬▬▬▬ ▬▬ ▬▬▬ ▬▬ ▬▬▬▬▬ ▬▬ ▬▬▬ ▬▬▬▬ ▬▬ ▬▬▬ ▬▬ ▬▬▬▬ ▬▬▬ ▬▬ ▬▬▬ ▬▬▬▬ ▬▬ ▬▬▬ ▬▬ ▬▬▬▬ ▬▬ ▬▬▬ ▬▬ ▬▬▬▬ ▬▬ ▬▬▬▬ ▬▬▬ ▬▬ ▬▬▬▬ ▬▬▬ ▬▬ ▬▬▬ ▬▬▬▬ ▬▬ ▬▬ ▬▬▬▬ ▬▬ ▬▬▬ ▬▬ ▬▬▬▬▬ ▬▬ ▬▬▬ ▬▬▬▬ ▬▬ ▬▬▬ ▬▬ ▬▬▬▬ ▬▬▬ ▬▬ ▬▬▬ ▬▬▬▬ ▬▬ ▬▬▬ ▬▬ ▬▬▬▬ ▬▬ ▬▬▬ ▬▬ ▬▬▬▬ ▬▬ ▬▬▬▬ ▬▬▬ ▬▬ ▬▬▬▬ ▬▬▬ ▬▬ ▬▬▬ ▬▬▬▬ ▬▬
کمیته منتخب استادان دانشگاه فرح پهلوی به منظور برگزاری هفته همبستگی ملی
نادر شاه
نوشته لکهارت
ترجمه واقتباس مشفق همدانی
انتشارات امیرکبیر
چاپ دوم ۳۵۲ صفحه ۲۴۰ ریال
شامل اوضاع ایران از پیش از
روی کار آمدن نادر شاه تا مرگ او
مؤسسه انتشارات امیرکبیر
اعتراض کانون نویسندگان ایران به بازداشت به آذین
▬▬ ▬▬▬ ▬▬ ▬▬▬▬ ▬▬ ▬▬▬ ▬▬ ▬▬▬▬▬ ▬▬ ▬▬▬ ▬▬▬▬ ▬▬ ▬▬▬ ▬▬ ▬▬▬▬ ▬▬▬ ▬▬ ▬▬▬ ▬▬▬▬ ▬▬ ▬▬▬ ▬▬ ▬▬▬▬ ▬▬ ▬▬▬ ▬▬ ▬▬▬▬ ▬▬ ▬▬▬▬ ▬▬▬ ▬▬ ▬▬▬▬ ▬▬▬ ▬▬ ▬▬▬ ▬▬▬▬ ▬▬ ▬▬ ▬▬▬▬ ▬▬ ▬▬▬ ▬▬ ▬▬▬▬▬ ▬▬ ▬▬▬ ▬▬▬▬ ▬▬ ▬▬▬ ▬▬ ▬▬▬▬ ▬▬▬ ▬▬ ▬▬▬ ▬▬▬▬ ▬▬ ▬▬▬ ▬▬ ▬▬▬▬ ▬▬ ▬▬▬ ▬▬ ▬▬▬▬ ▬▬ ▬▬▬▬ ▬▬▬ ▬▬ ▬▬▬▬ ▬▬▬ ▬▬ ▬▬▬ ▬▬▬▬ ▬▬ ▬▬ ▬▬▬▬ ▬▬ ▬▬▬ ▬▬ ▬▬▬▬▬ ▬▬ ▬▬▬ ▬▬▬▬ ▬▬ ▬▬▬ ▬▬ ▬▬▬▬ ▬▬▬ ▬▬ ▬▬▬ ▬▬▬▬ ▬▬ ▬▬▬ ▬▬ ▬▬▬▬ ▬▬ ▬▬▬ ▬▬ ▬▬▬▬ ▬▬ ▬▬▬▬ ▬▬▬ ▬▬ ▬▬▬▬ ▬▬▬ ▬▬ ▬▬▬ ▬▬▬▬ ▬▬
کانون وکلا اعتراض دادگستری
▬▬ ▬▬▬ ▬▬ ▬▬▬▬ ▬▬ ▬▬▬ ▬▬ ▬▬▬▬▬ ▬▬ ▬▬▬ ▬▬▬▬ ▬▬ ▬▬▬ ▬▬ ▬▬▬▬ ▬▬▬ ▬▬ ▬▬▬ ▬▬▬▬ ▬▬ ▬▬▬ ▬▬ ▬▬▬▬ ▬▬ ▬▬▬ ▬▬ ▬▬▬▬ ▬▬ ▬▬▬▬ ▬▬▬ ▬▬ ▬▬▬▬ ▬▬▬ ▬▬ ▬▬▬ ▬▬▬▬ ▬▬ ▬▬ ▬▬▬▬ ▬▬ ▬▬▬ ▬▬ ▬▬▬▬▬ ▬▬ ▬▬▬ ▬▬▬▬ ▬▬ ▬▬▬ ▬▬ ▬▬▬▬ ▬▬▬ ▬▬ ▬▬▬ ▬▬▬▬ ▬▬ ▬▬▬ ▬▬ ▬▬▬▬ ▬▬ ▬▬▬ ▬▬ ▬▬▬▬ ▬▬ ▬▬▬▬ ▬▬▬ ▬▬ ▬▬▬▬ ▬▬▬ ▬▬ ▬▬▬ ▬▬▬▬ ▬▬ ▬▬ ▬▬▬▬ ▬▬ ▬▬▬ ▬▬ ▬▬▬▬▬ ▬▬ ▬▬▬ ▬▬▬▬ ▬▬ ▬▬▬ ▬▬ ▬▬▬▬ ▬▬▬ ▬▬ ▬▬▬ ▬▬▬▬ ▬▬ ▬▬▬ ▬▬ ▬▬▬▬ ▬▬ ▬▬▬ ▬▬ ▬▬▬▬ ▬▬ ▬▬▬▬ ▬▬▬ ▬▬ ▬▬▬▬ ▬▬▬ ▬▬ ▬▬▬ ▬▬▬▬ ▬▬
اعلامیه وکلای دادگستری
▬▬ ▬▬▬ ▬▬ ▬▬▬▬ ▬▬ ▬▬▬ ▬▬ ▬▬▬▬▬ ▬▬ ▬▬▬ ▬▬▬▬ ▬▬ ▬▬▬ ▬▬ ▬▬▬▬ ▬▬▬ ▬▬ ▬▬▬ ▬▬▬▬ ▬▬ ▬▬▬ ▬▬ ▬▬▬▬ ▬▬ ▬▬▬ ▬▬ ▬▬▬▬ ▬▬ ▬▬▬▬ ▬▬▬ ▬▬ ▬▬▬▬ ▬▬▬ ▬▬ ▬▬▬ ▬▬▬▬ ▬▬ ▬▬ ▬▬▬▬ ▬▬ ▬▬▬ ▬▬ ▬▬▬▬▬ ▬▬ ▬▬▬ ▬▬▬▬ ▬▬ ▬▬▬ ▬▬ ▬▬▬▬ ▬▬▬ ▬▬ ▬▬▬ ▬▬▬▬ ▬▬ ▬▬▬ ▬▬ ▬▬▬▬ ▬▬ ▬▬▬ ▬▬ ▬▬▬▬ ▬▬ ▬▬▬▬ ▬▬▬ ▬▬ ▬▬▬▬ ▬▬▬ ▬▬ ▬▬▬ ▬▬▬▬ ▬▬ ▬▬ ▬▬▬▬ ▬▬ ▬▬▬ ▬▬ ▬▬▬▬▬ ▬▬ ▬▬▬ ▬▬▬▬ ▬▬ ▬▬▬ ▬▬ ▬▬▬▬ ▬▬▬ ▬▬ ▬▬▬ ▬▬▬▬ ▬▬ ▬▬▬ ▬▬ ▬▬▬▬ ▬▬ ▬▬▬ ▬▬ ▬▬▬▬ ▬▬ ▬▬▬▬ ▬▬▬ ▬▬ ▬▬▬▬ ▬▬▬ ▬▬ ▬▬▬ ▬▬▬▬ ▬▬
با افزایش قیمت نفت با تغییر دلار
▬▬ ▬▬▬ ▬▬ ▬▬▬▬ ▬▬ ▬▬▬ ▬▬ ▬▬▬▬▬ ▬▬ ▬▬▬ ▬▬▬▬ ▬▬ ▬▬▬ ▬▬ ▬▬▬▬ ▬▬▬ ▬▬ ▬▬▬ ▬▬▬▬ ▬▬ ▬▬▬ ▬▬ ▬▬▬▬ ▬▬ ▬▬▬ ▬▬ ▬▬▬▬ ▬▬ ▬▬▬▬ ▬▬▬ ▬▬ ▬▬▬▬ ▬▬▬ ▬▬ ▬▬▬ ▬▬▬▬ ▬▬ ▬▬ ▬▬▬▬ ▬▬ ▬▬▬ ▬▬ ▬▬▬▬▬ ▬▬ ▬▬▬ ▬▬▬▬ ▬▬ ▬▬▬ ▬▬ ▬▬▬▬ ▬▬▬ ▬▬ ▬▬▬ ▬▬▬▬ ▬▬ ▬▬▬ ▬▬ ▬▬▬▬ ▬▬ ▬▬▬ ▬▬ ▬▬▬▬ ▬▬ ▬▬▬▬ ▬▬▬ ▬▬ ▬▬▬▬ ▬▬▬ ▬▬ ▬▬▬ ▬▬▬▬ ▬▬ ▬▬ ▬▬▬▬ ▬▬ ▬▬▬ ▬▬ ▬▬▬▬▬ ▬▬ ▬▬▬ ▬▬▬▬ ▬▬ ▬▬▬ ▬▬ ▬▬▬▬ ▬▬▬ ▬▬ ▬▬▬ ▬▬▬▬ ▬▬ ▬▬▬ ▬▬ ▬▬▬▬ ▬▬ ▬▬▬ ▬▬ ▬▬▬▬ ▬▬ ▬▬▬▬ ▬▬▬ ▬▬ ▬▬▬▬ ▬▬▬ ▬▬ ▬▬▬ ▬▬▬▬ ▬▬
ساعات کار شرکت ملی نفت تغییر کرد
▬▬ ▬▬▬ ▬▬ ▬▬▬▬ ▬▬ ▬▬▬ ▬▬ ▬▬▬▬▬ ▬▬ ▬▬▬ ▬▬▬▬ ▬▬ ▬▬▬ ▬▬ ▬▬▬▬ ▬▬▬ ▬▬ ▬▬▬ ▬▬▬▬ ▬▬ ▬▬▬ ▬▬ ▬▬▬▬ ▬▬ ▬▬▬ ▬▬ ▬▬▬▬ ▬▬ ▬▬▬▬ ▬▬▬ ▬▬ ▬▬▬▬ ▬▬▬ ▬▬ ▬▬▬ ▬▬▬▬ ▬▬ ▬▬ ▬▬▬▬ ▬▬ ▬▬▬ ▬▬ ▬▬▬▬▬ ▬▬ ▬▬▬ ▬▬▬▬ ▬▬ ▬▬▬ ▬▬ ▬▬▬▬ ▬▬▬ ▬▬ ▬▬▬ ▬▬▬▬ ▬▬ ▬▬▬ ▬▬ ▬▬▬▬ ▬▬ ▬▬▬ ▬▬ ▬▬▬▬ ▬▬ ▬▬▬▬ ▬▬▬ ▬▬ ▬▬▬▬ ▬▬▬ ▬▬ ▬▬▬ ▬▬▬▬ ▬▬ ▬▬ ▬▬▬▬ ▬▬ ▬▬▬ ▬▬ ▬▬▬▬▬ ▬▬ ▬▬▬ ▬▬▬▬ ▬▬ ▬▬▬ ▬▬ ▬▬▬▬ ▬▬▬ ▬▬ ▬▬▬ ▬▬▬▬ ▬▬ ▬▬▬ ▬▬ ▬▬▬▬ ▬▬ ▬▬▬ ▬▬ ▬▬▬▬ ▬▬ ▬▬▬▬ ▬▬▬ ▬▬ ▬▬▬▬ ▬▬▬ ▬▬ ▬▬▬ ▬▬▬▬ ▬▬
تلگرامهای روحانیون
▬▬ ▬▬▬ ▬▬ ▬▬▬▬ ▬▬ ▬▬▬ ▬▬ ▬▬▬▬▬ ▬▬ ▬▬▬ ▬▬▬▬ ▬▬ ▬▬▬ ▬▬ ▬▬▬▬ ▬▬▬ ▬▬ ▬▬▬ ▬▬▬▬ ▬▬ ▬▬▬ ▬▬ ▬▬▬▬ ▬▬ ▬▬▬ ▬▬ ▬▬▬▬ ▬▬ ▬▬▬▬ ▬▬▬ ▬▬ ▬▬▬▬ ▬▬▬ ▬▬ ▬▬▬ ▬▬▬▬ ▬▬ ▬▬ ▬▬▬▬ ▬▬ ▬▬▬ ▬▬ ▬▬▬▬▬ ▬▬ ▬▬▬ ▬▬▬▬ ▬▬ ▬▬▬ ▬▬ ▬▬▬▬ ▬▬▬ ▬▬ ▬▬▬ ▬▬▬▬ ▬▬ ▬▬▬ ▬▬ ▬▬▬▬ ▬▬ ▬▬▬ ▬▬ ▬▬▬▬ ▬▬ ▬▬▬▬ ▬▬▬ ▬▬ ▬▬▬▬ ▬▬▬ ▬▬ ▬▬▬ ▬▬▬▬ ▬▬ ▬▬ ▬▬▬▬ ▬▬ ▬▬▬ ▬▬ ▬▬▬▬▬ ▬▬ ▬▬▬ ▬▬▬▬ ▬▬ ▬▬▬ ▬▬ ▬▬▬▬ ▬▬▬ ▬▬ ▬▬▬ ▬▬▬▬ ▬▬ ▬▬▬ ▬▬ ▬▬▬▬ ▬▬ ▬▬▬ ▬▬ ▬▬▬▬ ▬▬ ▬▬▬▬ ▬▬▬ ▬▬ ▬▬▬▬ ▬▬▬ ▬▬ ▬▬▬ ▬▬▬▬ ▬▬
اجتماع در مقابل منزل آیت‌الله العظمی طباطبایی قمی
▬▬ ▬▬▬ ▬▬ ▬▬▬▬ ▬▬ ▬▬▬ ▬▬ ▬▬▬▬▬ ▬▬ ▬▬▬ ▬▬▬▬ ▬▬ ▬▬▬ ▬▬ ▬▬▬▬ ▬▬▬ ▬▬ ▬▬▬ ▬▬▬▬ ▬▬ ▬▬▬ ▬▬ ▬▬▬▬ ▬▬ ▬▬▬ ▬▬ ▬▬▬▬ ▬▬ ▬▬▬▬ ▬▬▬ ▬▬ ▬▬▬▬ ▬▬▬ ▬▬ ▬▬▬ ▬▬▬▬ ▬▬ ▬▬ ▬▬▬▬ ▬▬ ▬▬▬ ▬▬ ▬▬▬▬▬ ▬▬ ▬▬▬ ▬▬▬▬ ▬▬ ▬▬▬ ▬▬ ▬▬▬▬ ▬▬▬ ▬▬ ▬▬▬ ▬▬▬▬ ▬▬ ▬▬▬ ▬▬ ▬▬▬▬ ▬▬ ▬▬▬ ▬▬ ▬▬▬▬ ▬▬ ▬▬▬▬ ▬▬▬ ▬▬ ▬▬▬▬ ▬▬▬ ▬▬ ▬▬▬ ▬▬▬▬ ▬▬ ▬▬ ▬▬▬▬ ▬▬ ▬▬▬ ▬▬ ▬▬▬▬▬ ▬▬ ▬▬▬ ▬▬▬▬ ▬▬ ▬▬▬ ▬▬ ▬▬▬▬ ▬▬▬ ▬▬ ▬▬▬ ▬▬▬▬ ▬▬ ▬▬▬ ▬▬ ▬▬▬▬ ▬▬ ▬▬▬ ▬▬ ▬▬▬▬ ▬▬ ▬▬▬▬ ▬▬▬ ▬▬ ▬▬▬▬ ▬▬▬ ▬▬ ▬▬▬ ▬▬▬▬ ▬▬
کسبه مشهد ، از ولیان شکایت کردند
▬▬ ▬▬▬ ▬▬ ▬▬▬▬ ▬▬ ▬▬▬ ▬▬ ▬▬▬▬▬ ▬▬ ▬▬▬ ▬▬▬▬ ▬▬ ▬▬▬ ▬▬ ▬▬▬▬ ▬▬▬ ▬▬ ▬▬▬ ▬▬▬▬ ▬▬ ▬▬▬ ▬▬ ▬▬▬▬ ▬▬ ▬▬▬ ▬▬ ▬▬▬▬ ▬▬ ▬▬▬▬ ▬▬▬ ▬▬ ▬▬▬▬ ▬▬▬ ▬▬ ▬▬▬ ▬▬▬▬ ▬▬ ▬▬ ▬▬▬▬ ▬▬ ▬▬▬ ▬▬ ▬▬▬▬▬ ▬▬ ▬▬▬ ▬▬▬▬ ▬▬ ▬▬▬ ▬▬ ▬▬▬▬ ▬▬▬ ▬▬ ▬▬▬ ▬▬▬▬ ▬▬ ▬▬▬ ▬▬ ▬▬▬▬ ▬▬ ▬▬▬ ▬▬ ▬▬▬▬ ▬▬ ▬▬▬▬ ▬▬▬ ▬▬ ▬▬▬▬ ▬▬▬ ▬▬ ▬▬▬ ▬▬▬▬ ▬▬ ▬▬ ▬▬▬▬ ▬▬ ▬▬▬ ▬▬ ▬▬▬▬▬ ▬▬ ▬▬▬ ▬▬▬▬ ▬▬ ▬▬▬ ▬▬ ▬▬▬▬ ▬▬▬ ▬▬ ▬▬▬ ▬▬▬▬ ▬▬ ▬▬▬ ▬▬ ▬▬▬▬ ▬▬ ▬▬▬ ▬▬ ▬▬▬▬ ▬▬ ▬▬▬▬ ▬▬▬ ▬▬ ▬▬▬▬ ▬▬▬ ▬▬ ▬▬▬ ▬▬▬▬ ▬▬
دانشگاهیان مشهد ، اعتصاب غذا میکنند
▬▬ ▬▬▬ ▬▬ ▬▬▬▬ ▬▬ ▬▬▬ ▬▬ ▬▬▬▬▬ ▬▬ ▬▬▬ ▬▬▬▬ ▬▬ ▬▬▬ ▬▬ ▬▬▬▬ ▬▬▬ ▬▬ ▬▬▬ ▬▬▬▬ ▬▬ ▬▬▬ ▬▬ ▬▬▬▬ ▬▬ ▬▬▬ ▬▬ ▬▬▬▬ ▬▬ ▬▬▬▬ ▬▬▬ ▬▬ ▬▬▬▬ ▬▬▬ ▬▬ ▬▬▬ ▬▬▬▬ ▬▬ ▬▬ ▬▬▬▬ ▬▬ ▬▬▬ ▬▬ ▬▬▬▬▬ ▬▬ ▬▬▬ ▬▬▬▬ ▬▬ ▬▬▬ ▬▬ ▬▬▬▬ ▬▬▬ ▬▬ ▬▬▬ ▬▬▬▬ ▬▬ ▬▬▬ ▬▬ ▬▬▬▬ ▬▬ ▬▬▬ ▬▬ ▬▬▬▬ ▬▬ ▬▬▬▬ ▬▬▬ ▬▬ ▬▬▬▬ ▬▬▬ ▬▬ ▬▬▬ ▬▬▬▬ ▬▬ ▬▬ ▬▬▬▬ ▬▬ ▬▬▬ ▬▬ ▬▬▬▬▬ ▬▬ ▬▬▬ ▬▬▬▬ ▬▬ ▬▬▬ ▬▬ ▬▬▬▬ ▬▬▬ ▬▬ ▬▬▬ ▬▬▬▬ ▬▬ ▬▬▬ ▬▬ ▬▬▬▬ ▬▬ ▬▬▬ ▬▬ ▬▬▬▬ ▬▬ ▬▬▬▬ ▬▬▬ ▬▬ ▬▬▬▬ ▬▬▬ ▬▬ ▬▬▬ ▬▬▬▬ ▬▬
سینما آریای بهبهان «حسینیه» شد
▬▬ ▬▬▬ ▬▬ ▬▬▬▬ ▬▬ ▬▬▬ ▬▬ ▬▬▬▬▬ ▬▬ ▬▬▬ ▬▬▬▬ ▬▬ ▬▬▬ ▬▬ ▬▬▬▬ ▬▬▬ ▬▬ ▬▬▬ ▬▬▬▬ ▬▬ ▬▬▬ ▬▬ ▬▬▬▬ ▬▬ ▬▬▬ ▬▬ ▬▬▬▬ ▬▬ ▬▬▬▬ ▬▬▬ ▬▬ ▬▬▬▬ ▬▬▬ ▬▬ ▬▬▬ ▬▬▬▬ ▬▬ ▬▬ ▬▬▬▬ ▬▬ ▬▬▬ ▬▬ ▬▬▬▬▬ ▬▬ ▬▬▬ ▬▬▬▬ ▬▬ ▬▬▬ ▬▬ ▬▬▬▬ ▬▬▬ ▬▬ ▬▬▬ ▬▬▬▬ ▬▬ ▬▬▬ ▬▬ ▬▬▬▬ ▬▬ ▬▬▬ ▬▬ ▬▬▬▬ ▬▬ ▬▬▬▬ ▬▬▬ ▬▬ ▬▬▬▬ ▬▬▬ ▬▬ ▬▬▬ ▬▬▬▬ ▬▬ ▬▬ ▬▬▬▬ ▬▬ ▬▬▬ ▬▬ ▬▬▬▬▬ ▬▬ ▬▬▬ ▬▬▬▬ ▬▬ ▬▬▬ ▬▬ ▬▬▬▬ ▬▬▬ ▬▬ ▬▬▬ ▬▬▬▬ ▬▬ ▬▬▬ ▬▬ ▬▬▬▬ ▬▬ ▬▬▬ ▬▬ ▬▬▬▬ ▬▬ ▬▬▬▬ ▬▬▬ ▬▬ ▬▬▬▬ ▬▬▬ ▬▬ ▬▬▬ ▬▬▬▬ ▬▬
اطلاعات بانوان
سه شنبه ها منتشر میشود
